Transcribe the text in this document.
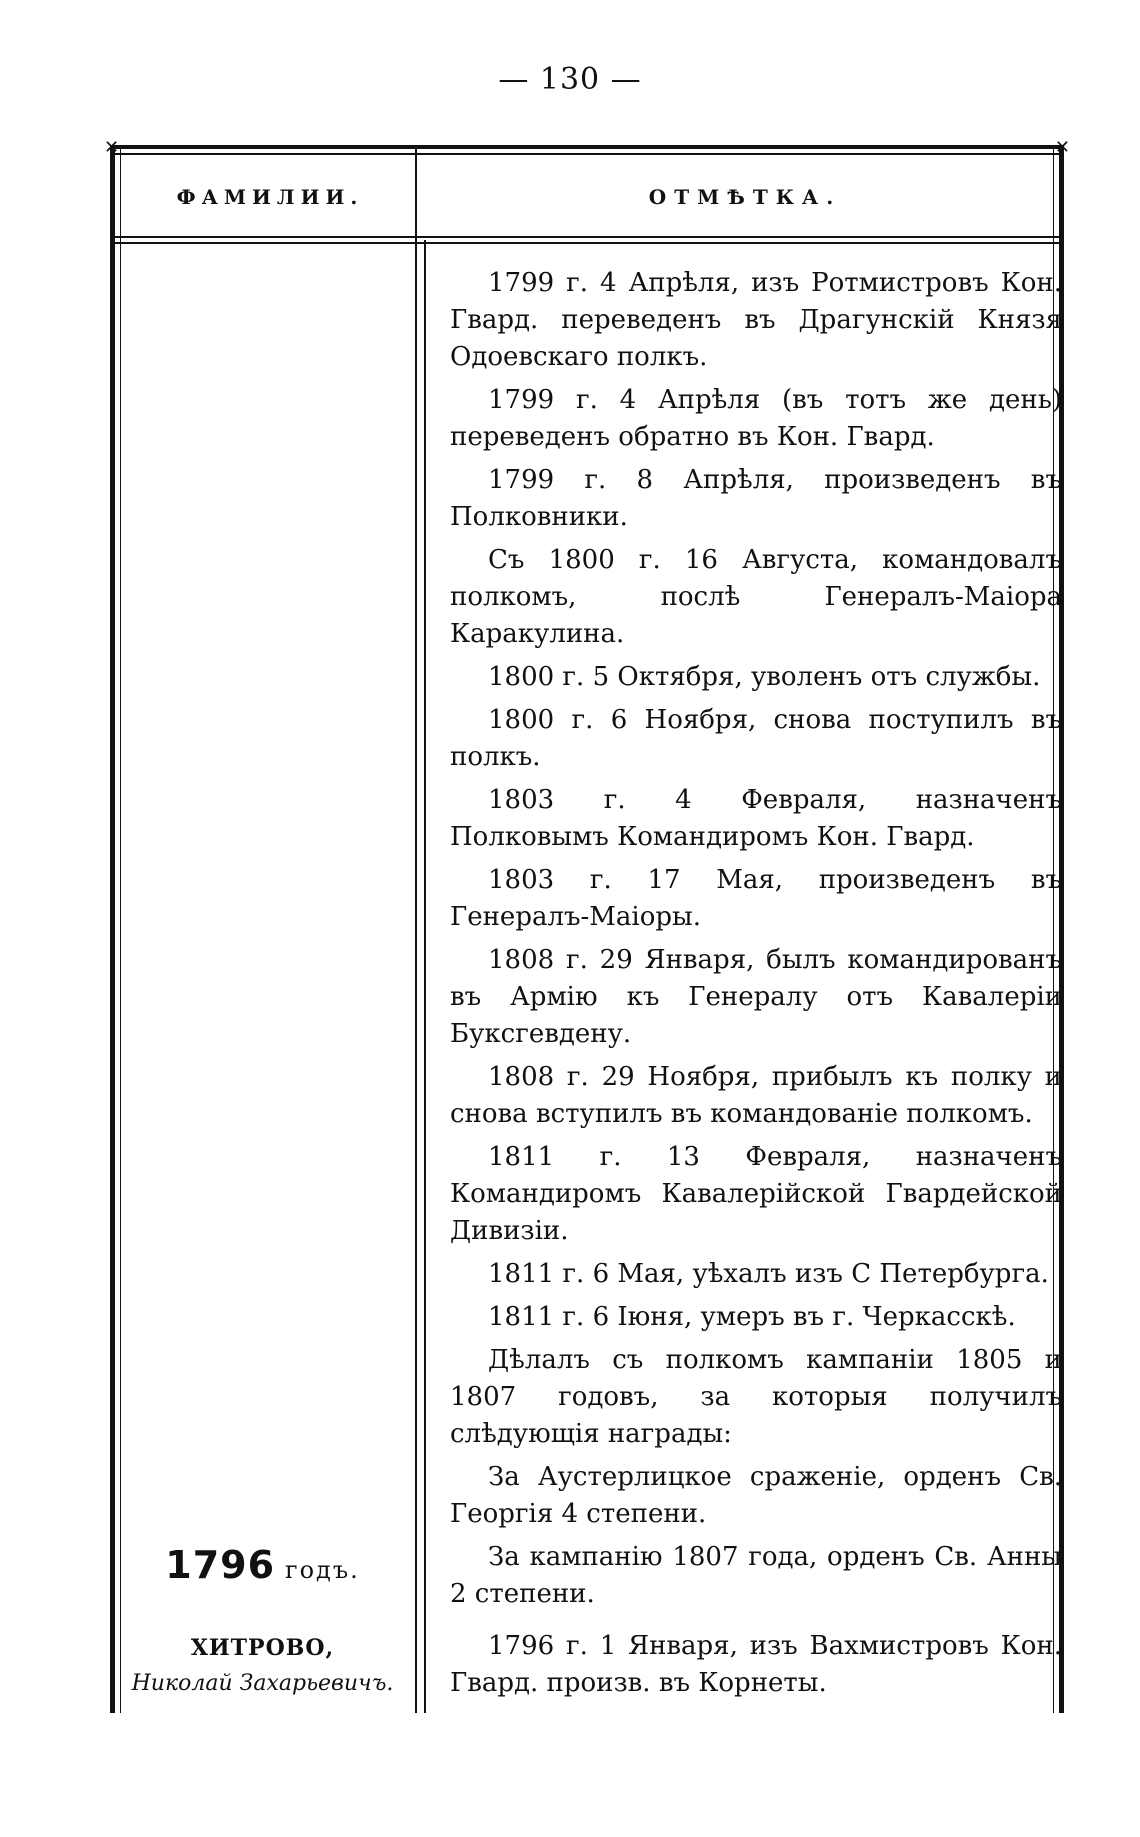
— 130 —
✕	✕
ФАМИЛИИ.	ОТМѢТКА.

1799 г. 4 Апрѣля, изъ Ротмистровъ Кон. Гвард. переведенъ въ Драгунскій Князя Одоевскаго полкъ.

1799 г. 4 Апрѣля (въ тотъ же день) переведенъ обратно въ Кон. Гвард.

1799 г. 8 Апрѣля, произведенъ въ Полковники.

Съ 1800 г. 16 Августа, командовалъ полкомъ, послѣ Генералъ-Маіора Каракулина.

1800 г. 5 Октября, уволенъ отъ службы.

1800 г. 6 Ноября, снова поступилъ въ полкъ.

1803 г. 4 Февраля, назначенъ Полковымъ Командиромъ Кон. Гвард.

1803 г. 17 Мая, произведенъ въ Генералъ-Маіоры.

1808 г. 29 Января, былъ командированъ въ Армію къ Генералу отъ Кавалеріи Буксгевдену.

1808 г. 29 Ноября, прибылъ къ полку и снова вступилъ въ командованіе полкомъ.

1811 г. 13 Февраля, назначенъ Командиромъ Кавалерійской Гвардейской Дивизіи.

1811 г. 6 Мая, уѣхалъ изъ С Петербурга.

1811 г. 6 Іюня, умеръ въ г. Черкасскѣ.

Дѣлалъ съ полкомъ кампаніи 1805 и 1807 годовъ, за которыя получилъ слѣдующія награды:

За Аустерлицкое сраженіе, орденъ Св. Георгія 4 степени.

За кампанію 1807 года, орденъ Св. Анны 2 степени.

1796 годъ.
ХИТРОВО,
Николай Захарьевичъ.

1796 г. 1 Января, изъ Вахмистровъ Кон. Гвард. произв. въ Корнеты.
